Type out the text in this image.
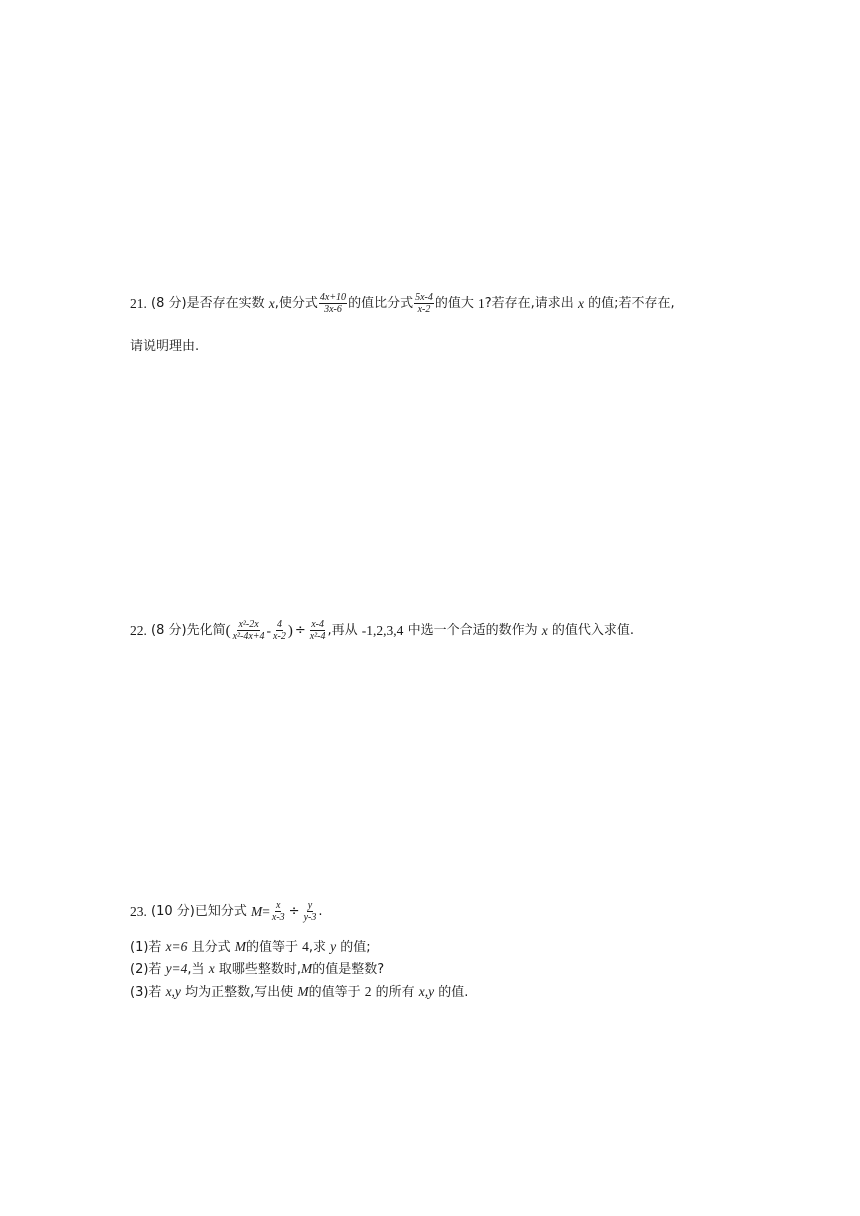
21.
(8 分) 是否存在实数
x ,使分式 $\frac{4x+10}{3x-6}$ 的值比分式 $\frac{5x-4}{x-2}$ 的值大
1 ?若存在,请求出
x
的值;若不存在,
请说明理由.
22.
(8 分) 先化简 ( $\frac{\text{x²-2x}}{\text{x²-4x+4}} - \frac{4}{x-2}$ ) ÷ $\frac{x-4}{\text{x²-4}}$ ,再从
-1,2,3,4
中选一个合适的数作为
x
的值代入求值.
23.
(10 分) 已知分式
$M = \frac{x}{x-3} \div \frac{y}{y-3}$ .
(1)若 x=6 且分式 M的值等于 4,求 y 的值;
(2)若 y=4,当 x 取哪些整数时,M的值是整数?
(3)若 x,y 均为正整数,写出使 M的值等于 2 的所有 x,y 的值.
